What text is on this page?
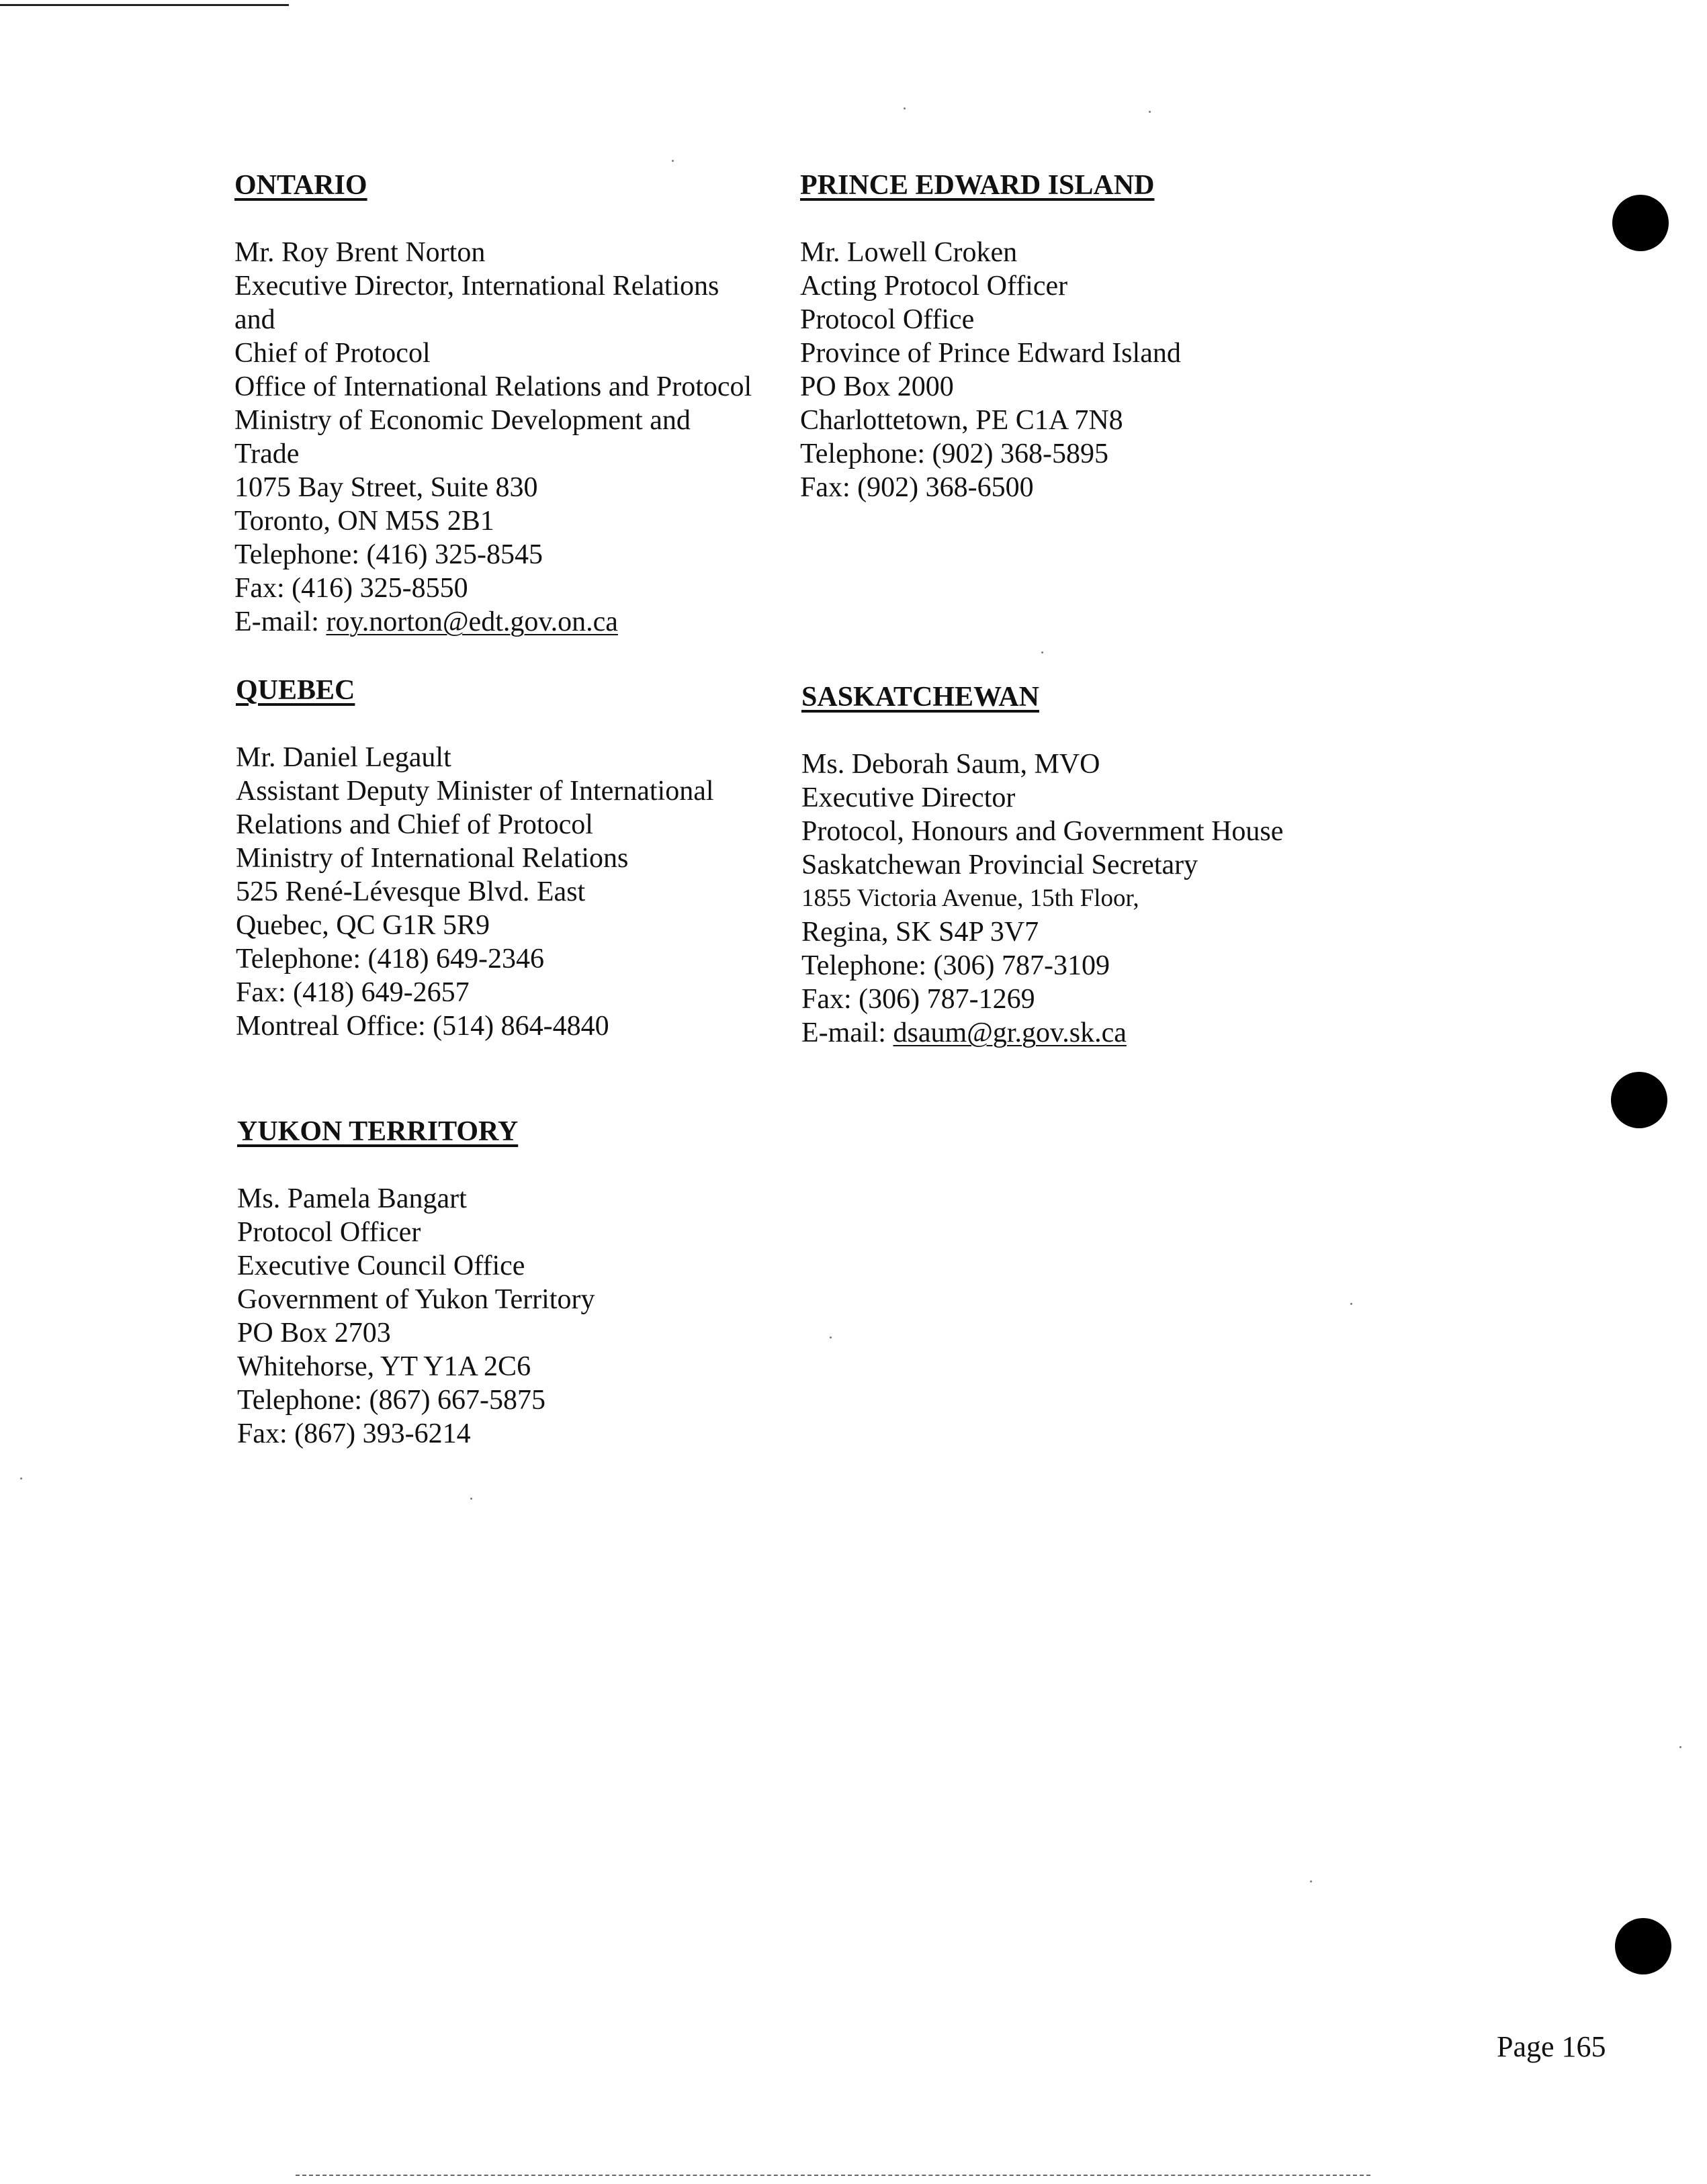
ONTARIO
Mr. Roy Brent Norton
Executive Director, International Relations
and
Chief of Protocol
Office of International Relations and Protocol
Ministry of Economic Development and
Trade
1075 Bay Street, Suite 830
Toronto, ON M5S 2B1
Telephone: (416) 325-8545
Fax: (416) 325-8550
E-mail: roy.norton@edt.gov.on.ca
PRINCE EDWARD ISLAND
Mr. Lowell Croken
Acting Protocol Officer
Protocol Office
Province of Prince Edward Island
PO Box 2000
Charlottetown, PE C1A 7N8
Telephone: (902) 368-5895
Fax: (902) 368-6500
QUEBEC
Mr. Daniel Legault
Assistant Deputy Minister of International
Relations and Chief of Protocol
Ministry of International Relations
525 René-Lévesque Blvd. East
Quebec, QC G1R 5R9
Telephone: (418) 649-2346
Fax: (418) 649-2657
Montreal Office: (514) 864-4840
SASKATCHEWAN
Ms. Deborah Saum, MVO
Executive Director
Protocol, Honours and Government House
Saskatchewan Provincial Secretary
1855 Victoria Avenue, 15th Floor,
Regina, SK S4P 3V7
Telephone: (306) 787-3109
Fax: (306) 787-1269
E-mail: dsaum@gr.gov.sk.ca
YUKON TERRITORY
Ms. Pamela Bangart
Protocol Officer
Executive Council Office
Government of Yukon Territory
PO Box 2703
Whitehorse, YT Y1A 2C6
Telephone: (867) 667-5875
Fax: (867) 393-6214
Page 165
